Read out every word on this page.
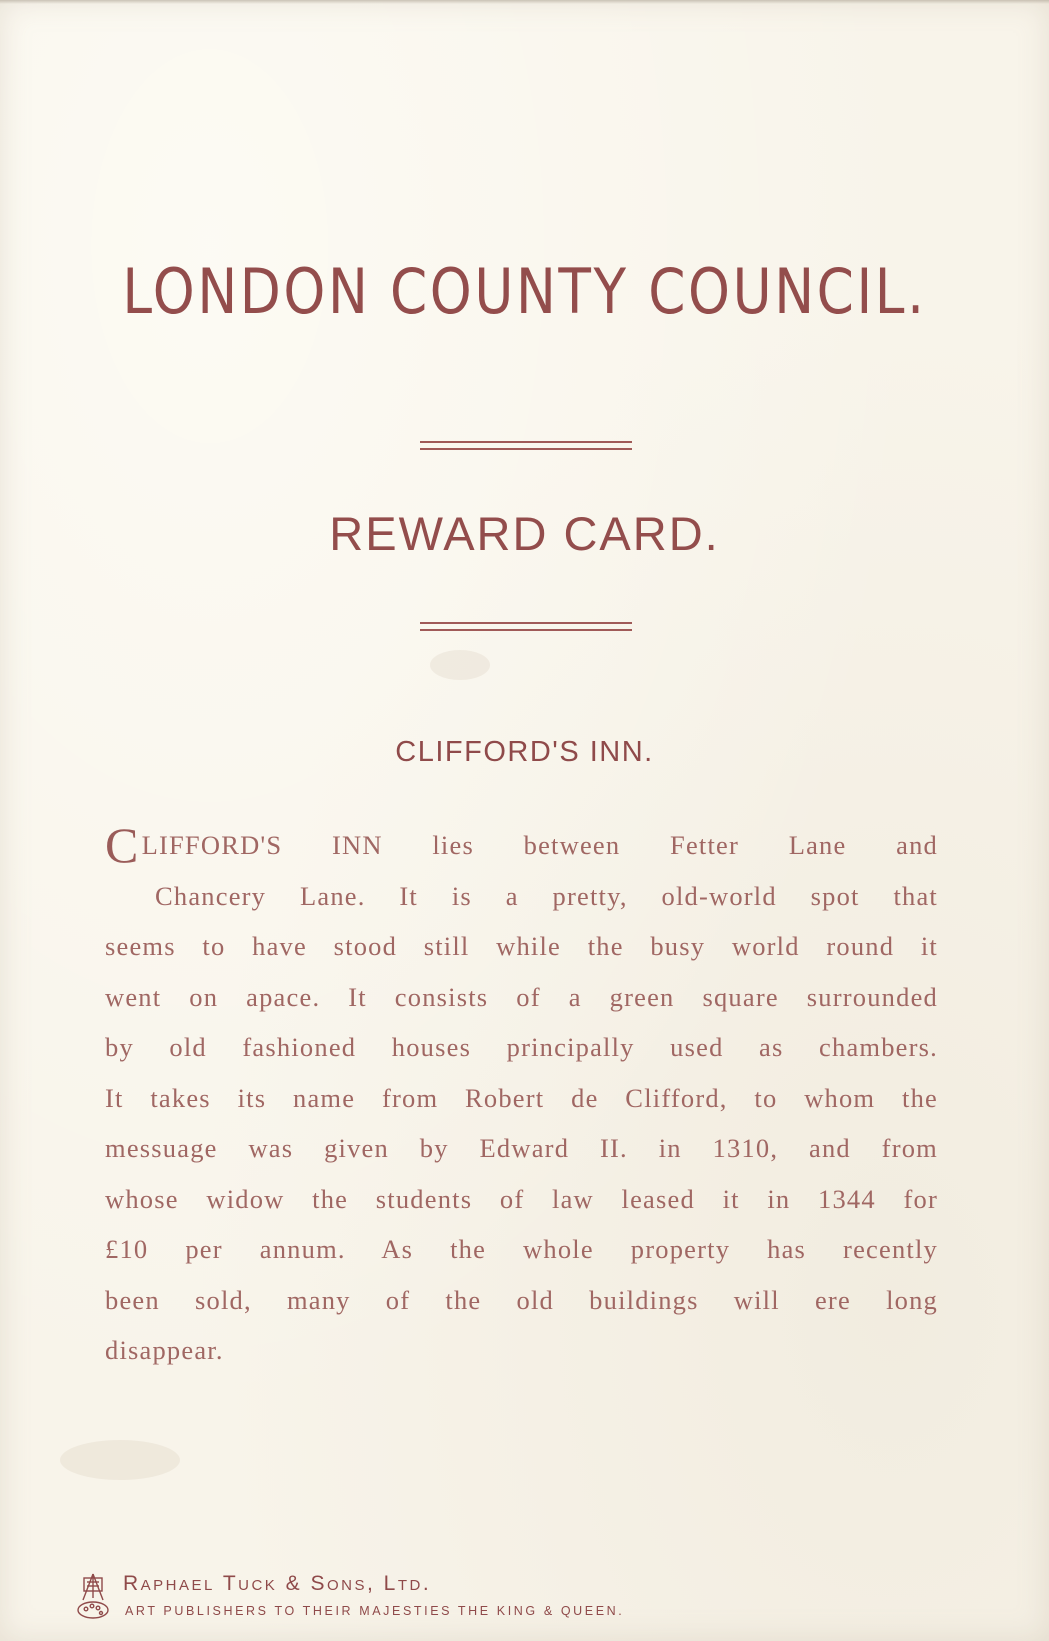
LONDON COUNTY COUNCIL.
REWARD CARD.
CLIFFORD'S INN.
CLIFFORD'S INN lies between Fetter Lane and
Chancery Lane. It is a pretty, old-world spot that
seems to have stood still while the busy world round it
went on apace. It consists of a green square surrounded
by old fashioned houses principally used as chambers.
It takes its name from Robert de Clifford, to whom the
messuage was given by Edward II. in 1310, and from
whose widow the students of law leased it in 1344 for
£10 per annum. As the whole property has recently
been sold, many of the old buildings will ere long
disappear.
Raphael Tuck & Sons, Ltd.
ART PUBLISHERS TO THEIR MAJESTIES THE KING & QUEEN.
